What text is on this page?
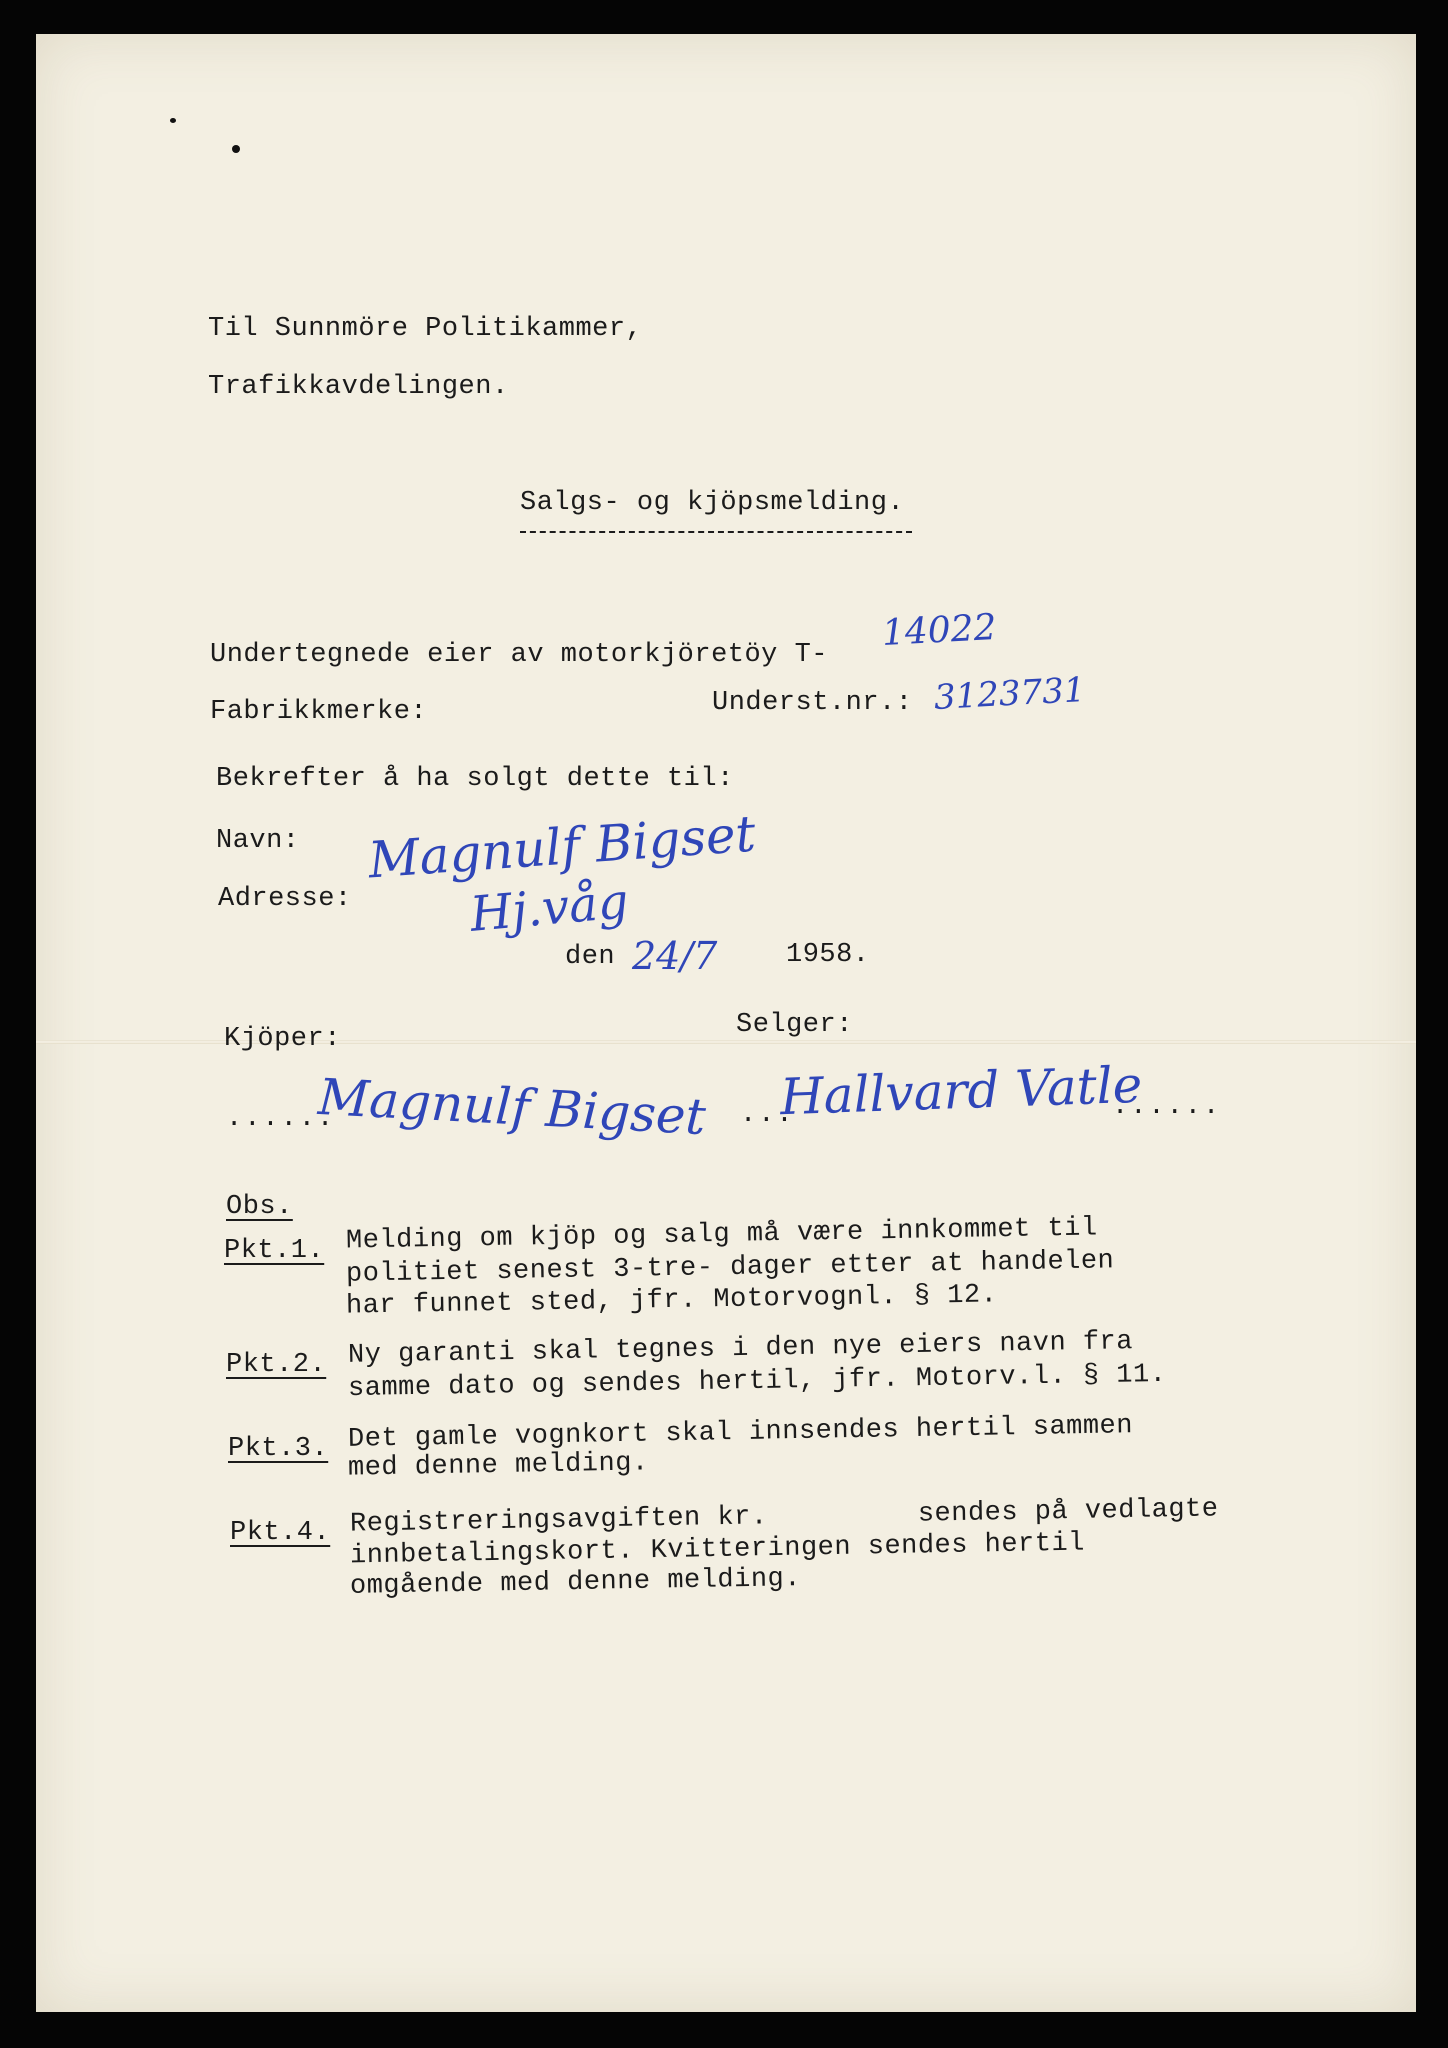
Til Sunnmöre Politikammer,
Trafikkavdelingen.
Salgs- og kjöpsmelding.
Undertegnede eier av motorkjöretöy T-
14022
Fabrikkmerke:	Underst.nr.: 3123731
Bekrefter å ha solgt dette til:
Navn: Magnulf Bigset
Adresse: Hj.våg
den 24/7	1958.
Selger:
Kjöper:
......
Magnulf Bigset ...
Hallvard Vatle
......
Obs.
Pkt.1. Melding om kjöp og salg må være innkommet til
politiet senest 3-tre- dager etter at handelen
har funnet sted, jfr. Motorvognl. § 12.
Pkt.2. Ny garanti skal tegnes i den nye eiers navn fra
samme dato og sendes hertil, jfr. Motorv.l. § 11.
Pkt.3. Det gamle vognkort skal innsendes hertil sammen
med denne melding.
Pkt.4. Registreringsavgiften kr.         sendes på vedlagte
innbetalingskort. Kvitteringen sendes hertil
omgående med denne melding.
